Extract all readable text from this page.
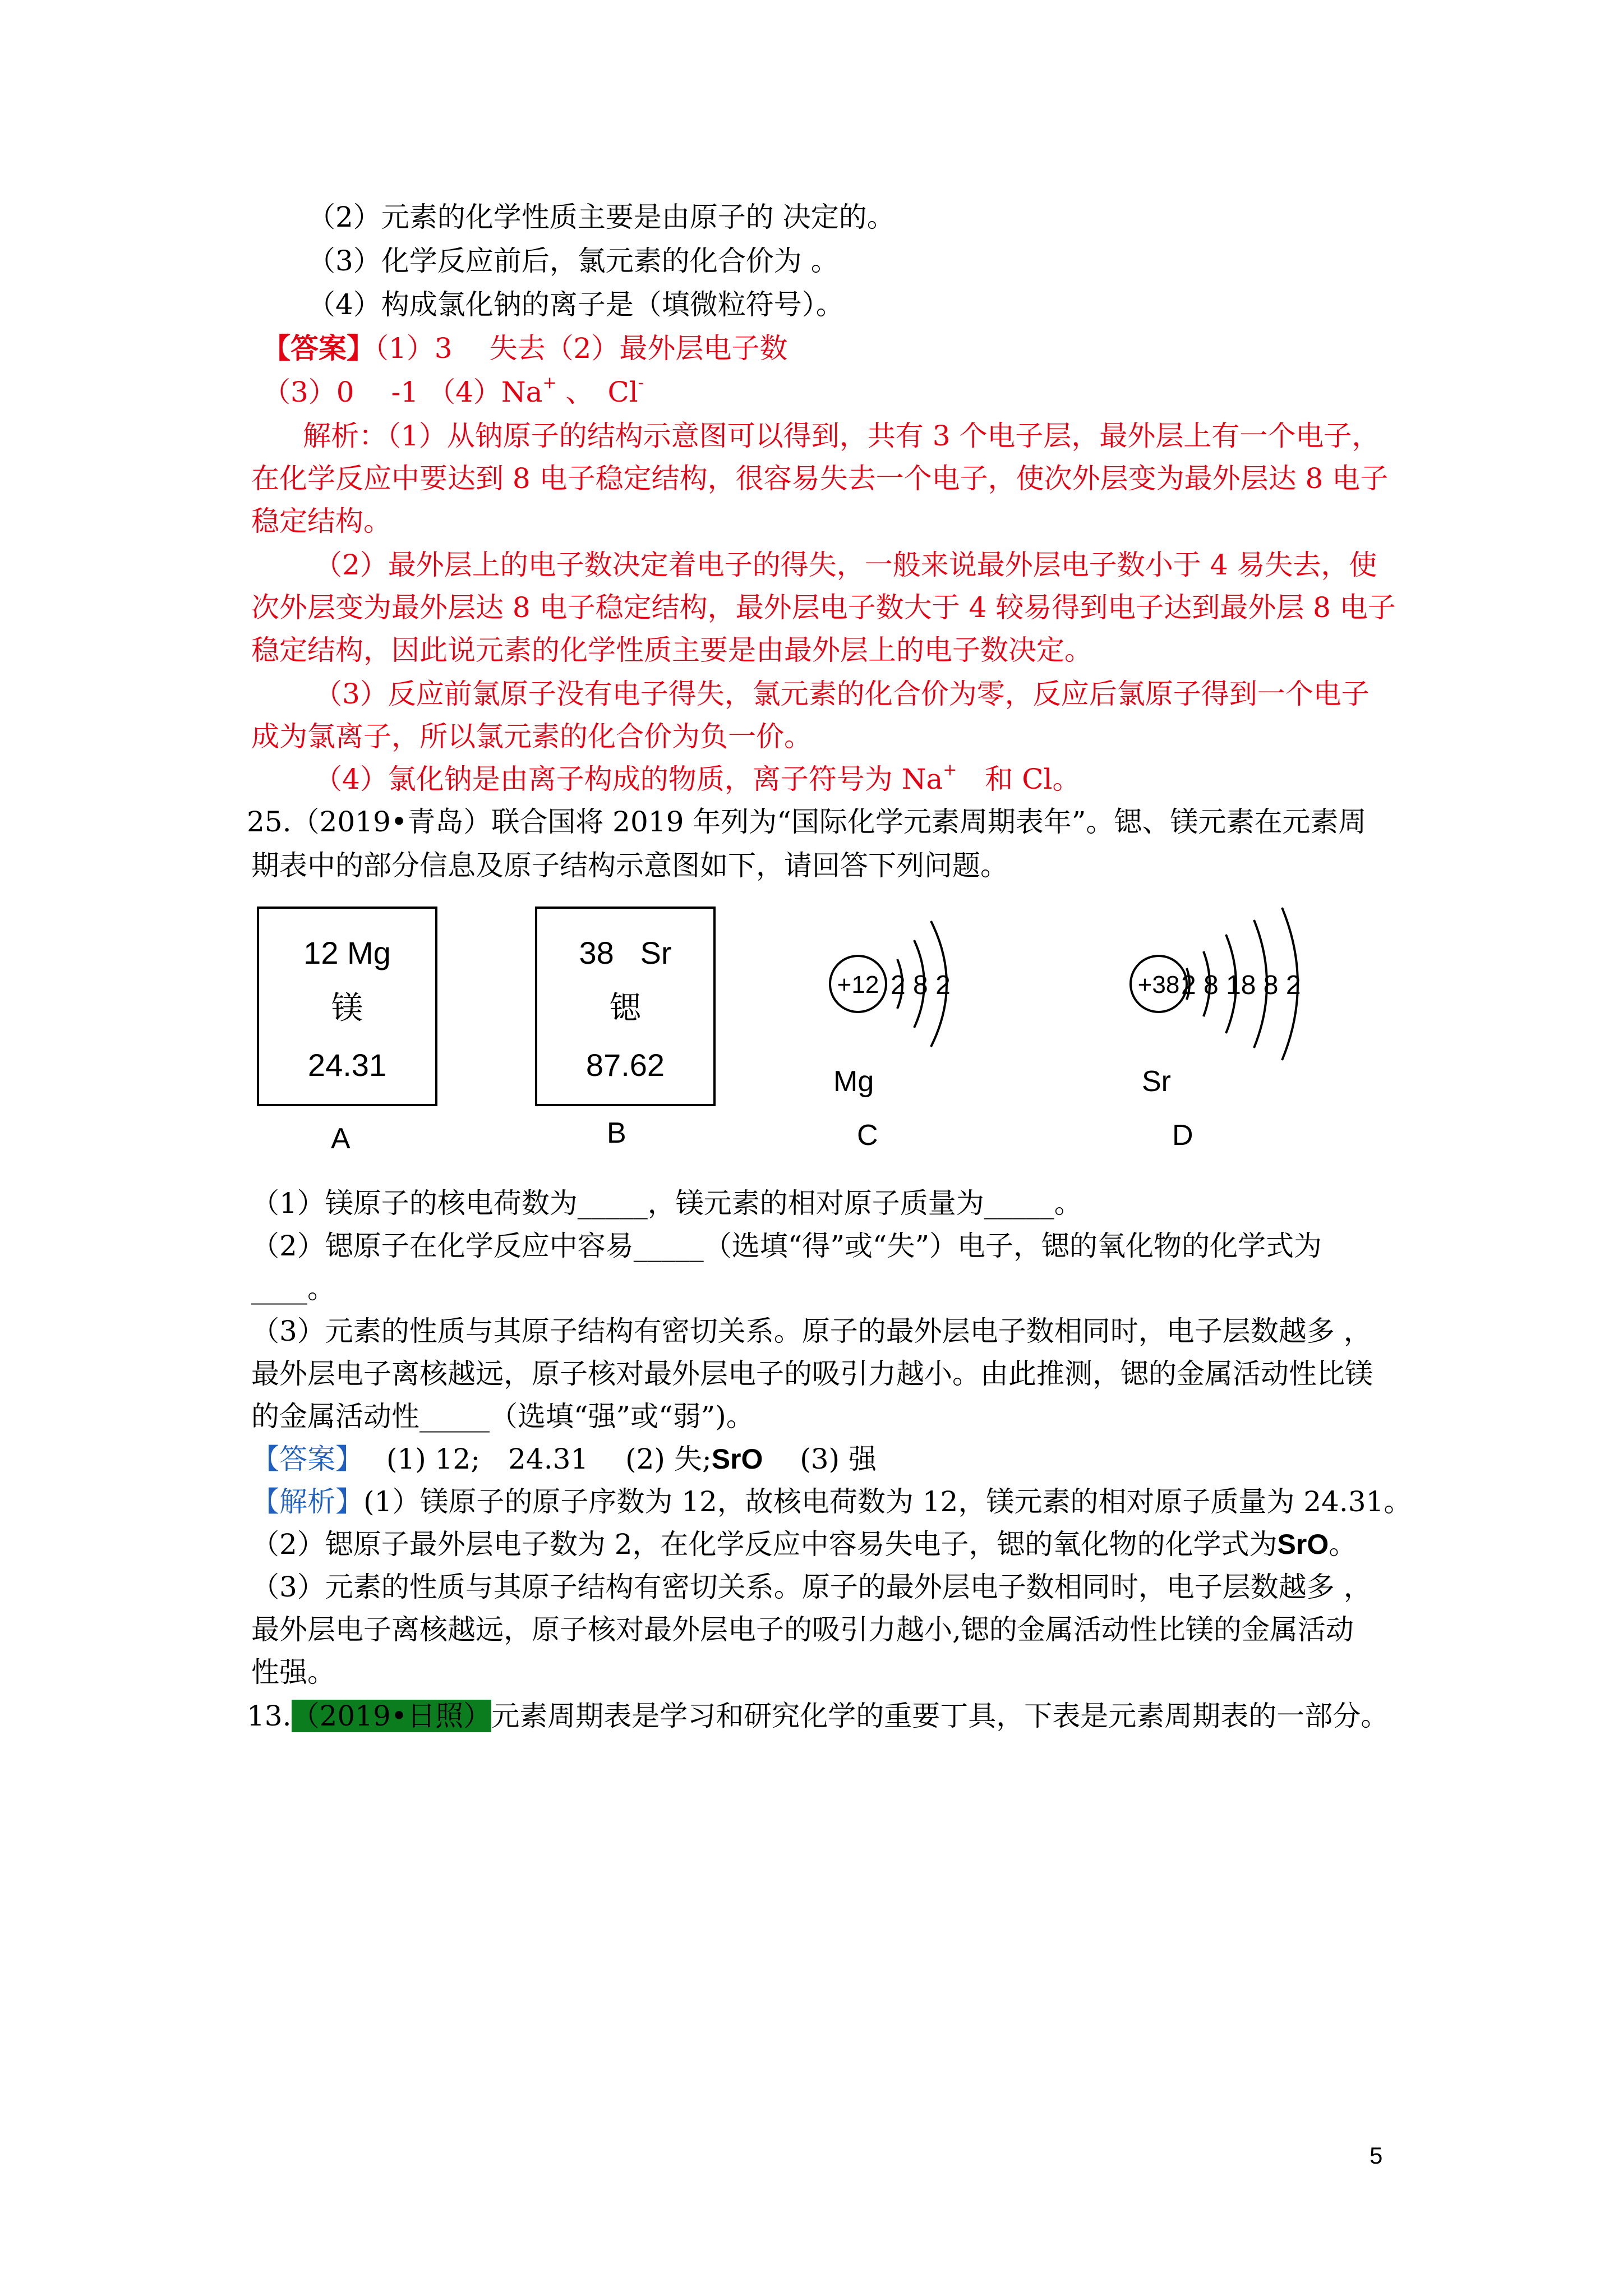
（2）元素的化学性质主要是由原子的 决定的。
（3）化学反应前后，氯元素的化合价为 。
（4）构成氯化钠的离子是（填微粒符号）。
【答案】（1）3　 失去（2）最外层电子数
（3）0　 -1 （4）Na+ 、　Cl-
解析：（1）从钠原子的结构示意图可以得到，共有 3 个电子层，最外层上有一个电子，
在化学反应中要达到 8 电子稳定结构，很容易失去一个电子，使次外层变为最外层达 8 电子
稳定结构。
（2）最外层上的电子数决定着电子的得失，一般来说最外层电子数小于 4 易失去，使
次外层变为最外层达 8 电子稳定结构，最外层电子数大于 4 较易得到电子达到最外层 8 电子
稳定结构，因此说元素的化学性质主要是由最外层上的电子数决定。
（3）反应前氯原子没有电子得失，氯元素的化合价为零，反应后氯原子得到一个电子
成为氯离子，所以氯元素的化合价为负一价。
（4）氯化钠是由离子构成的物质，离子符号为 Na+　和 Cl。
25.（2019•青岛）联合国将 2019 年列为“国际化学元素周期表年”。锶、镁元素在元素周
期表中的部分信息及原子结构示意图如下，请回答下列问题。
12 Mg
镁
24.31
A
38 Sr
锶
87.62
B
+12 2 8 2
Mg
C
+38 2 8 18 8 2
Sr
D
（1）镁原子的核电荷数为_____，镁元素的相对原子质量为_____。
（2）锶原子在化学反应中容易_____（选填“得”或“失”）电子，锶的氧化物的化学式为
____。
（3）元素的性质与其原子结构有密切关系。原子的最外层电子数相同时，电子层数越多 ，
最外层电子离核越远，原子核对最外层电子的吸引力越小。由此推测，锶的金属活动性比镁
的金属活动性_____（选填“强”或“弱”)。
【答案】　 (1) 12;　24.31　 (2) 失;SrO　 (3) 强
【解析】(1）镁原子的原子序数为 12，故核电荷数为 12，镁元素的相对原子质量为 24.31。
（2）锶原子最外层电子数为 2，在化学反应中容易失电子，锶的氧化物的化学式为SrO。
（3）元素的性质与其原子结构有密切关系。原子的最外层电子数相同时，电子层数越多 ，
最外层电子离核越远，原子核对最外层电子的吸引力越小,锶的金属活动性比镁的金属活动
性强。
13.（2019•日照）元素周期表是学习和研究化学的重要丁具，下表是元素周期表的一部分。
5
